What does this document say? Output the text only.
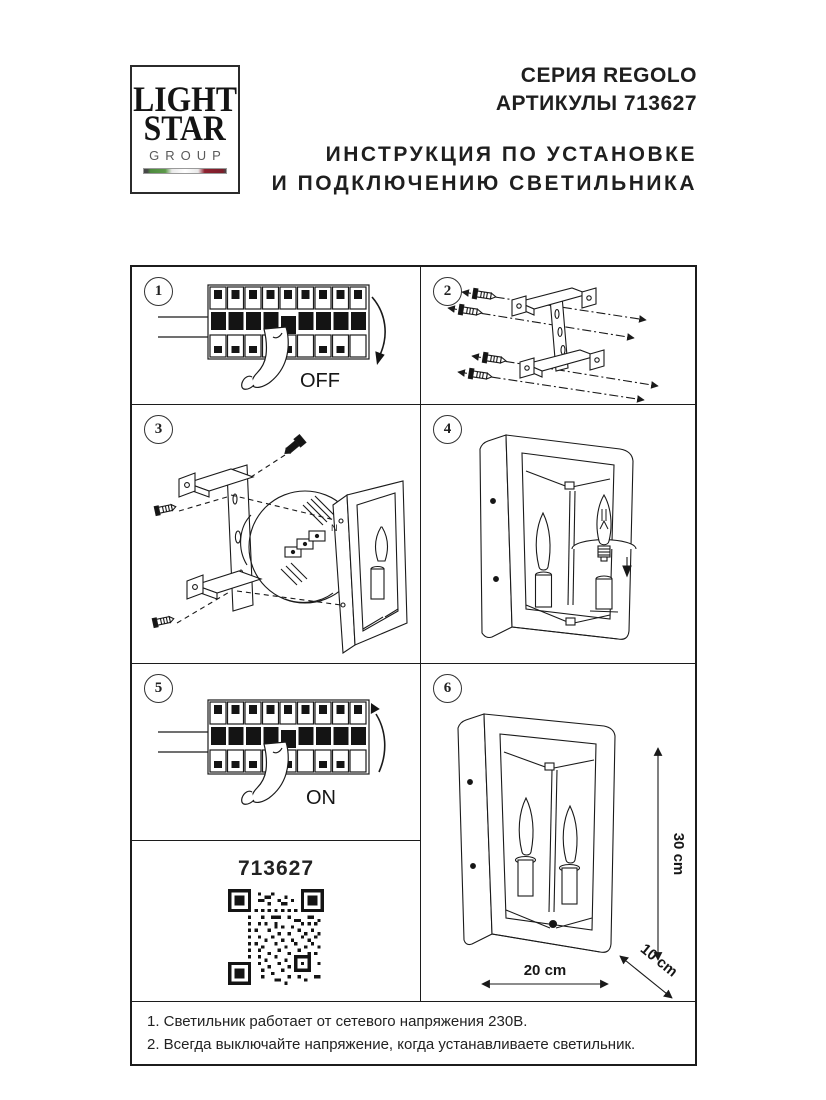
LIGHT
STAR
GROUP
СЕРИЯ REGOLO
АРТИКУЛЫ 713627
ИНСТРУКЦИЯ ПО УСТАНОВКЕ
И ПОДКЛЮЧЕНИЮ СВЕТИЛЬНИКА
1
OFF
2
3
N
4
5
ON
713627
6
30 cm
20 cm	10 cm
1. Светильник работает от сетевого напряжения 230В.
2. Всегда выключайте напряжение, когда устанавливаете светильник.
